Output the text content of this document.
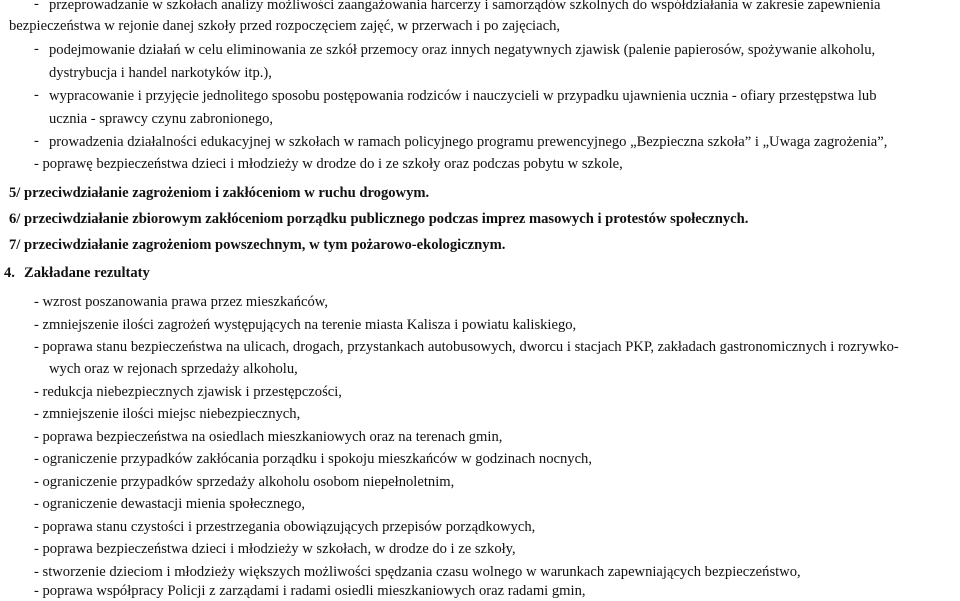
- przeprowadzanie w szkołach analizy możliwości zaangażowania harcerzy i samorządów szkolnych do współdziałania w zakresie zapewnienia
bezpieczeństwa w rejonie danej szkoły przed rozpoczęciem zajęć, w przerwach i po zajęciach,
- podejmowanie działań w celu eliminowania ze szkół przemocy oraz innych negatywnych zjawisk (palenie papierosów, spożywanie alkoholu,
dystrybucja i handel narkotyków itp.),
- wypracowanie i przyjęcie jednolitego sposobu postępowania rodziców i nauczycieli w przypadku ujawnienia ucznia - ofiary przestępstwa lub
ucznia - sprawcy czynu zabronionego,
- prowadzenia działalności edukacyjnej w szkołach w ramach policyjnego programu prewencyjnego „Bezpieczna szkoła” i „Uwaga zagrożenia”,
- poprawę bezpieczeństwa dzieci i młodzieży w drodze do i ze szkoły oraz podczas pobytu w szkole,
5/ przeciwdziałanie zagrożeniom i zakłóceniom w ruchu drogowym.
6/ przeciwdziałanie zbiorowym zakłóceniom porządku publicznego podczas imprez masowych i protestów społecznych.
7/ przeciwdziałanie zagrożeniom powszechnym, w tym pożarowo-ekologicznym.
4. Zakładane rezultaty
- wzrost poszanowania prawa przez mieszkańców,
- zmniejszenie ilości zagrożeń występujących na terenie miasta Kalisza i powiatu kaliskiego,
- poprawa stanu bezpieczeństwa na ulicach, drogach, przystankach autobusowych, dworcu i stacjach PKP, zakładach gastronomicznych i rozrywko-
wych oraz w rejonach sprzedaży alkoholu,
- redukcja niebezpiecznych zjawisk i przestępczości,
- zmniejszenie ilości miejsc niebezpiecznych,
- poprawa bezpieczeństwa na osiedlach mieszkaniowych oraz na terenach gmin,
- ograniczenie przypadków zakłócania porządku i spokoju mieszkańców w godzinach nocnych,
- ograniczenie przypadków sprzedaży alkoholu osobom niepełnoletnim,
- ograniczenie dewastacji mienia społecznego,
- poprawa stanu czystości i przestrzegania obowiązujących przepisów porządkowych,
- poprawa bezpieczeństwa dzieci i młodzieży w szkołach, w drodze do i ze szkoły,
- stworzenie dzieciom i młodzieży większych możliwości spędzania czasu wolnego w warunkach zapewniających bezpieczeństwo,
- poprawa współpracy Policji z zarządami i radami osiedli mieszkaniowych oraz radami gmin,
